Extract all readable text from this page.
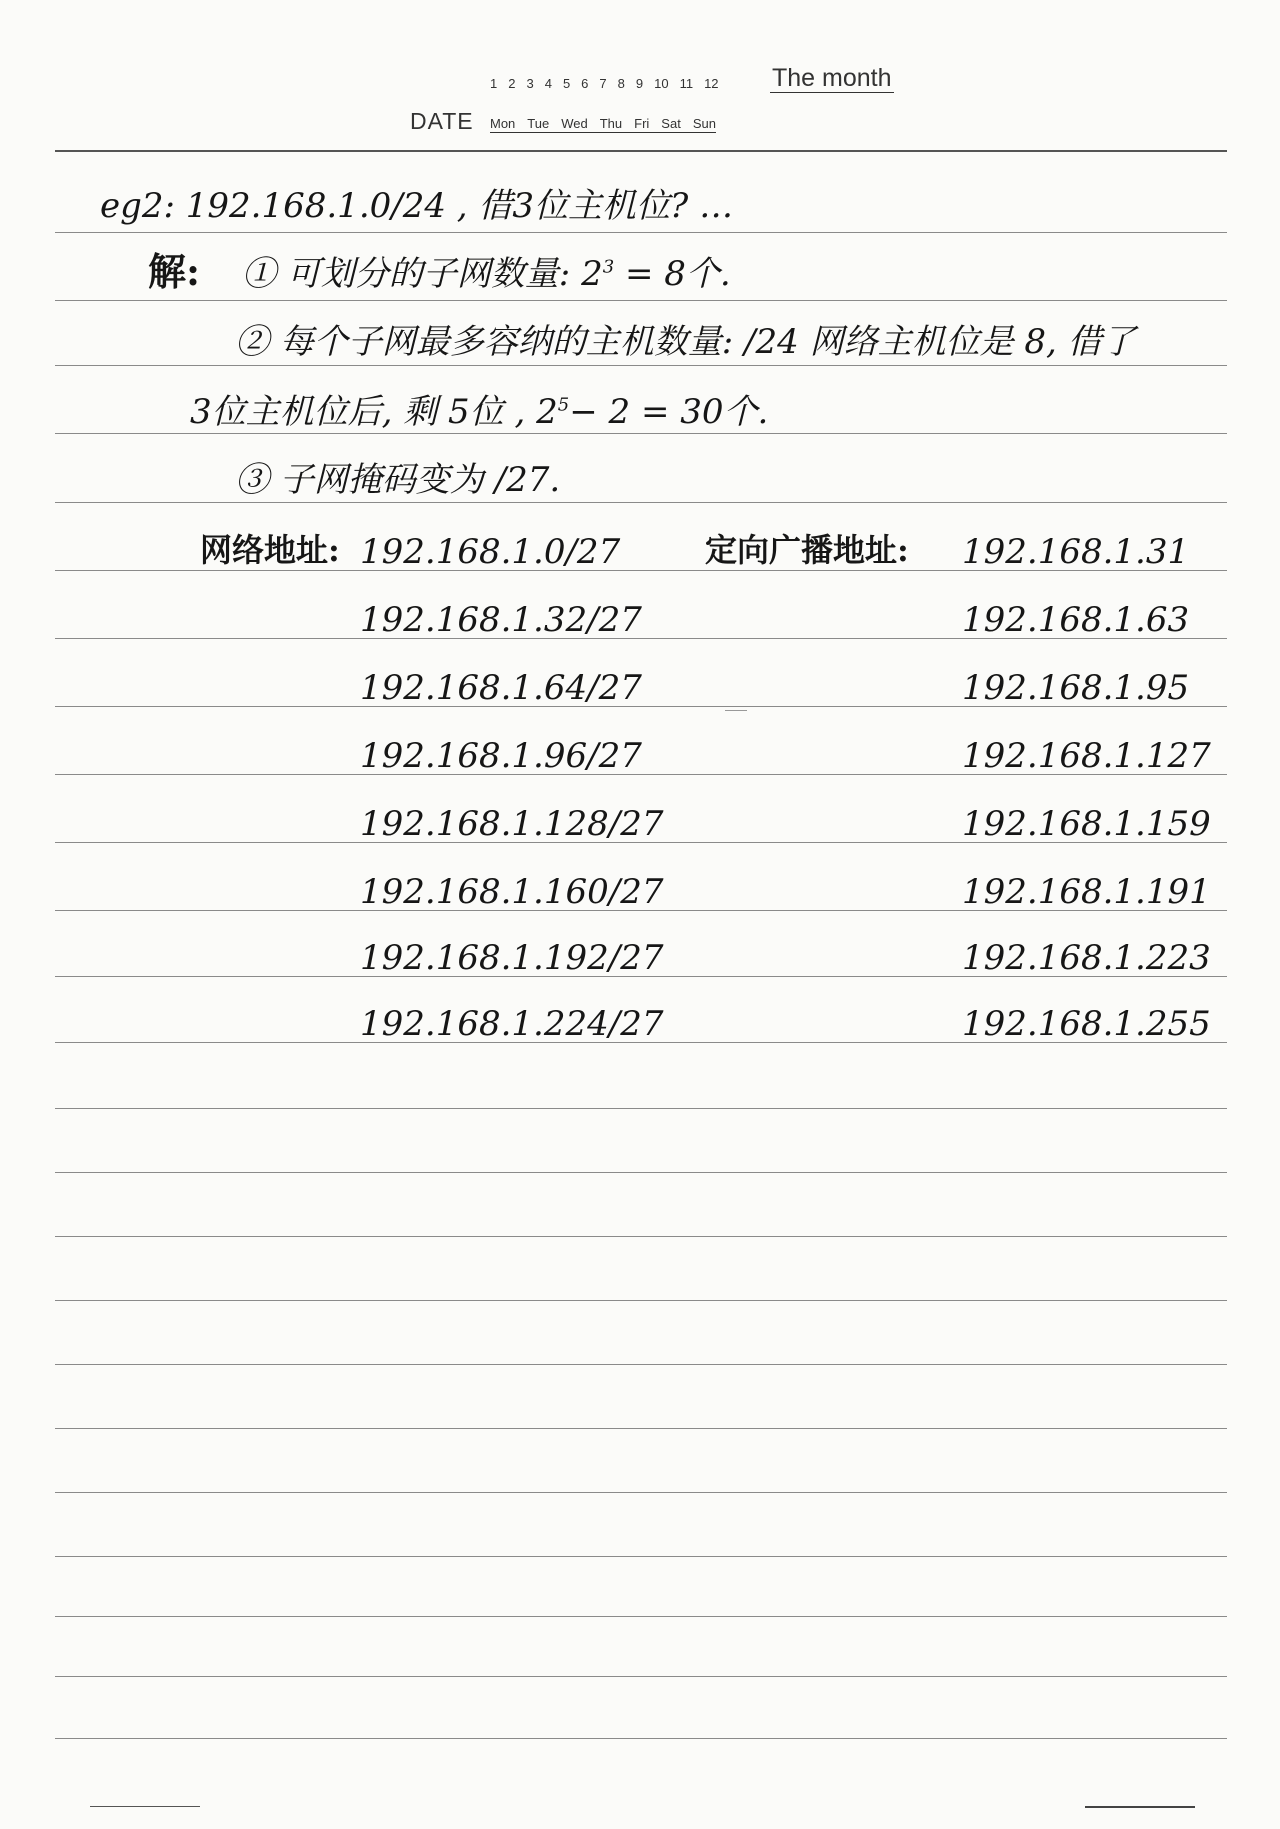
1 2 3 4 5 6 7 8 9 10 11 12 The month
DATE Mon Tue Wed Thu Fri Sat Sun
eg2: 192.168.1.0/24 , 借3位主机位? …
解: ① 可划分的子网数量: $2^3 = 8$个.
② 每个子网最多容纳的主机数量: /24 网络主机位是 8, 借了
3位主机位后, 剩 5位 , $2^5- 2 = 30$个.
③ 子网掩码变为 /27.
网络地址:	定向广播地址:
192.168.1.0/27	192.168.1.31
192.168.1.32/27	192.168.1.63
192.168.1.64/27	192.168.1.95
192.168.1.96/27	192.168.1.127
192.168.1.128/27	192.168.1.159
192.168.1.160/27	192.168.1.191
192.168.1.192/27	192.168.1.223
192.168.1.224/27	192.168.1.255
